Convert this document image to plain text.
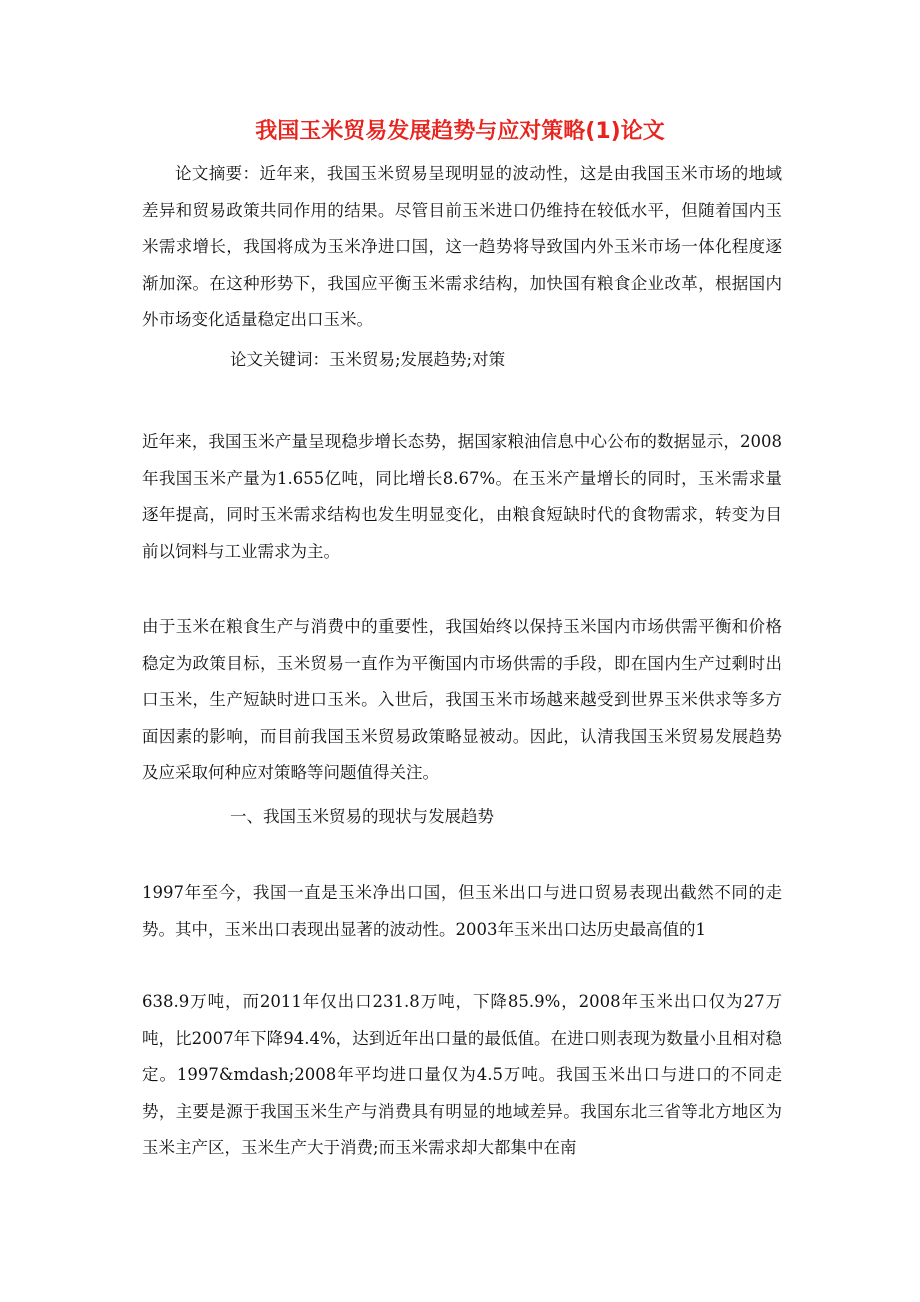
我国玉米贸易发展趋势与应对策略(1)论文

论文摘要：近年来，我国玉米贸易呈现明显的波动性，这是由我国玉米市场的地域差异和贸易政策共同作用的结果。尽管目前玉米进口仍维持在较低水平，但随着国内玉米需求增长，我国将成为玉米净进口国，这一趋势将导致国内外玉米市场一体化程度逐渐加深。在这种形势下，我国应平衡玉米需求结构，加快国有粮食企业改革，根据国内外市场变化适量稳定出口玉米。

论文关键词：玉米贸易;发展趋势;对策

近年来，我国玉米产量呈现稳步增长态势，据国家粮油信息中心公布的数据显示，2008年我国玉米产量为1.655亿吨，同比增长8.67%。在玉米产量增长的同时，玉米需求量逐年提高，同时玉米需求结构也发生明显变化，由粮食短缺时代的食物需求，转变为目前以饲料与工业需求为主。

由于玉米在粮食生产与消费中的重要性，我国始终以保持玉米国内市场供需平衡和价格稳定为政策目标，玉米贸易一直作为平衡国内市场供需的手段，即在国内生产过剩时出口玉米，生产短缺时进口玉米。入世后，我国玉米市场越来越受到世界玉米供求等多方面因素的影响，而目前我国玉米贸易政策略显被动。因此，认清我国玉米贸易发展趋势及应采取何种应对策略等问题值得关注。

一、我国玉米贸易的现状与发展趋势

1997年至今，我国一直是玉米净出口国，但玉米出口与进口贸易表现出截然不同的走势。其中，玉米出口表现出显著的波动性。2003年玉米出口达历史最高值的1

638.9万吨，而2011年仅出口231.8万吨，下降85.9%，2008年玉米出口仅为27万吨，比2007年下降94.4%，达到近年出口量的最低值。在进口则表现为数量小且相对稳定。1997&mdash;2008年平均进口量仅为4.5万吨。我国玉米出口与进口的不同走势，主要是源于我国玉米生产与消费具有明显的地域差异。我国东北三省等北方地区为玉米主产区，玉米生产大于消费;而玉米需求却大都集中在南
